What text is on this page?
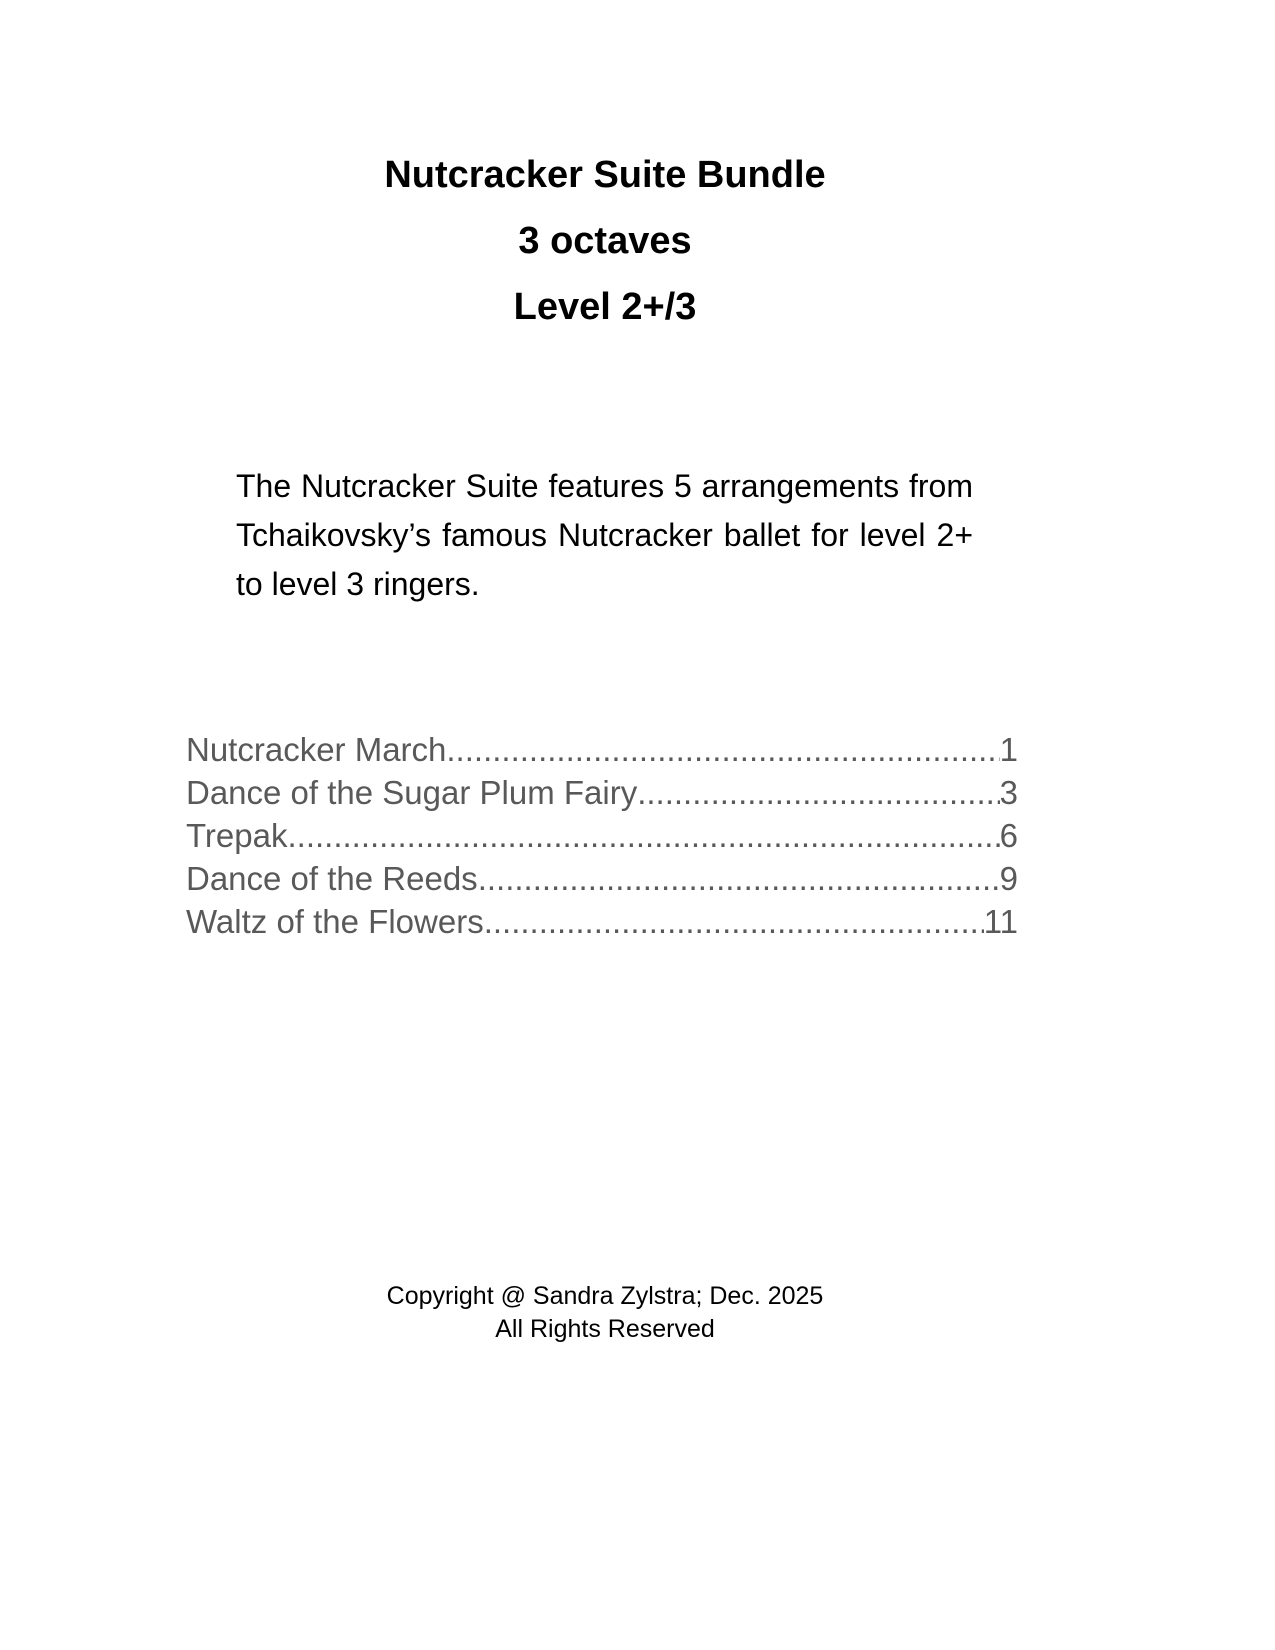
Nutcracker Suite Bundle
3 octaves
Level 2+/3
The Nutcracker Suite features 5 arrangements from Tchaikovsky’s famous Nutcracker ballet for level 2+ to level 3 ringers.
Nutcracker March .....	1
Dance of the Sugar Plum Fairy .....	3
Trepak .....	6
Dance of the Reeds .....	9
Waltz of the Flowers .....	11
Copyright @ Sandra Zylstra; Dec. 2025
All Rights Reserved
